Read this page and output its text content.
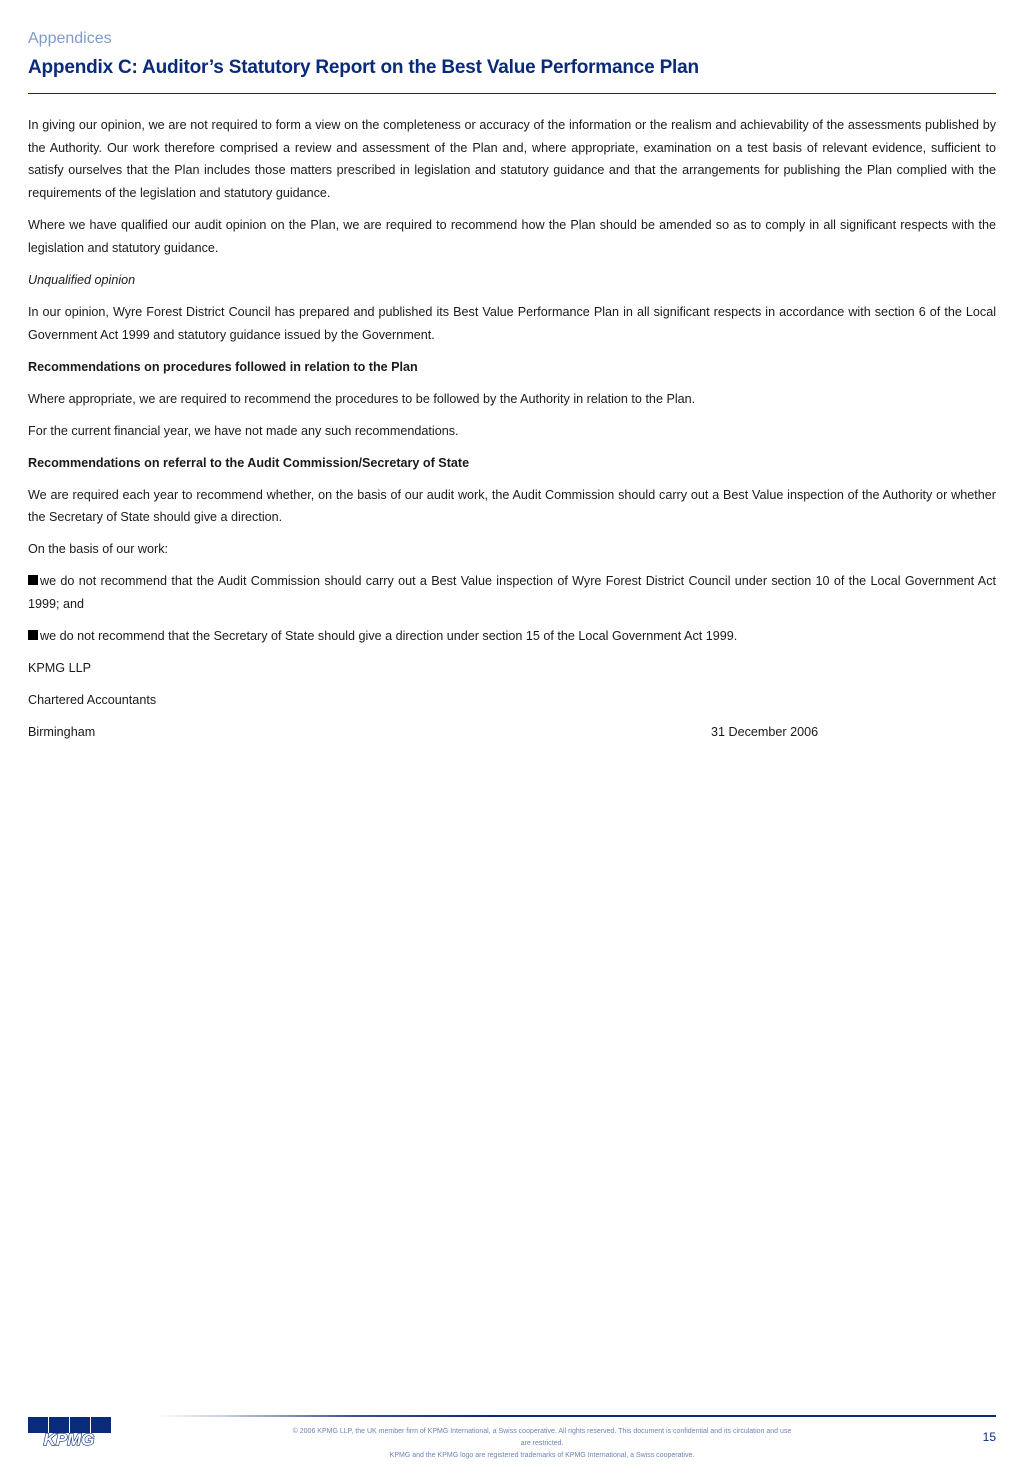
Appendices
Appendix C: Auditor’s Statutory Report on the Best Value Performance Plan

In giving our opinion, we are not required to form a view on the completeness or accuracy of the information or the realism and achievability of the assessments published by the Authority. Our work therefore comprised a review and assessment of the Plan and, where appropriate, examination on a test basis of relevant evidence, sufficient to satisfy ourselves that the Plan includes those matters prescribed in legislation and statutory guidance and that the arrangements for publishing the Plan complied with the requirements of the legislation and statutory guidance.

Where we have qualified our audit opinion on the Plan, we are required to recommend how the Plan should be amended so as to comply in all significant respects with the legislation and statutory guidance.

Unqualified opinion

In our opinion, Wyre Forest District Council has prepared and published its Best Value Performance Plan in all significant respects in accordance with section 6 of the Local Government Act 1999 and statutory guidance issued by the Government.

Recommendations on procedures followed in relation to the Plan

Where appropriate, we are required to recommend the procedures to be followed by the Authority in relation to the Plan.

For the current financial year, we have not made any such recommendations.

Recommendations on referral to the Audit Commission/Secretary of State

We are required each year to recommend whether, on the basis of our audit work, the Audit Commission should carry out a Best Value inspection of the Authority or whether the Secretary of State should give a direction.

On the basis of our work:

we do not recommend that the Audit Commission should carry out a Best Value inspection of Wyre Forest District Council under section 10 of the Local Government Act 1999; and

we do not recommend that the Secretary of State should give a direction under section 15 of the Local Government Act 1999.

KPMG LLP

Chartered Accountants

Birmingham	31 December 2006
KPMG	© 2006 KPMG LLP, the UK member firm of KPMG International, a Swiss cooperative. All rights reserved. This document is confidential and its circulation and use
are restricted.
KPMG and the KPMG logo are registered trademarks of KPMG International, a Swiss cooperative.
15
